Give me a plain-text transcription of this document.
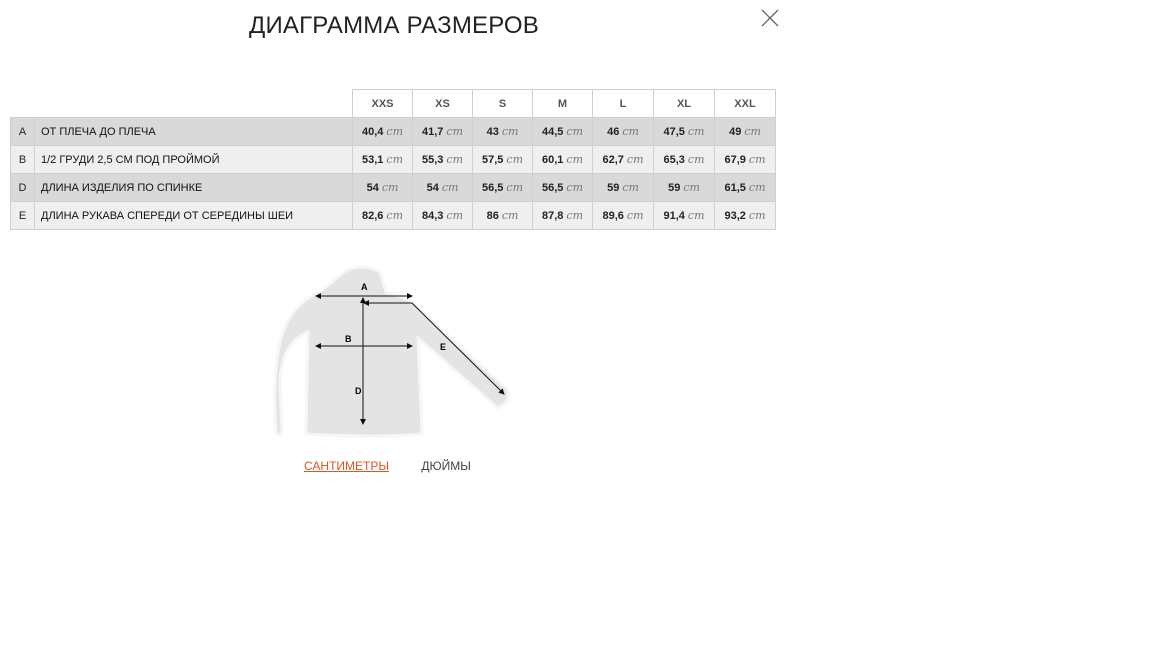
ДИАГРАММА РАЗМЕРОВ
		XXS	XS	S	M	L	XL	XXL
A	ОТ ПЛЕЧА ДО ПЛЕЧА	40,4 cm	41,7 cm	43 cm	44,5 cm	46 cm	47,5 cm	49 cm
B	1/2 ГРУДИ 2,5 СМ ПОД ПРОЙМОЙ	53,1 cm	55,3 cm	57,5 cm	60,1 cm	62,7 cm	65,3 cm	67,9 cm
D	ДЛИНА ИЗДЕЛИЯ ПО СПИНКЕ	54 cm	54 cm	56,5 cm	56,5 cm	59 cm	59 cm	61,5 cm
E	ДЛИНА РУКАВА СПЕРЕДИ ОТ СЕРЕДИНЫ ШЕИ	82,6 cm	84,3 cm	86 cm	87,8 cm	89,6 cm	91,4 cm	93,2 cm
A
B
D
E
САНТИМЕТРЫ	ДЮЙМЫ
